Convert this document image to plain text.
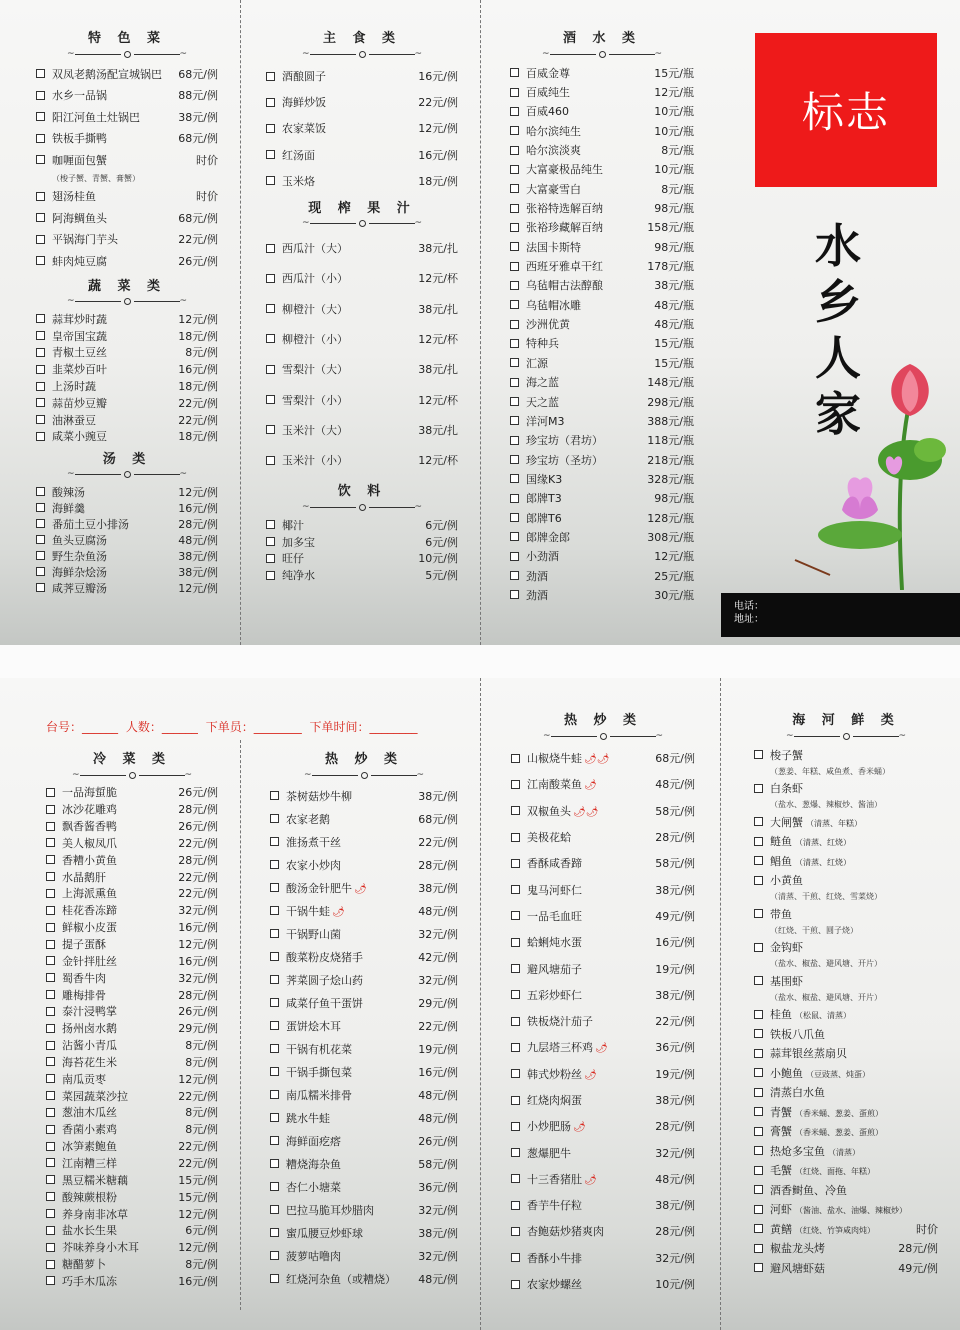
特 色 菜
~	~
双凤老鹅汤配宣城锅巴	68元/例
水乡一品锅	88元/例
阳江河鱼土灶锅巴	38元/例
铁板手撕鸭	68元/例
咖喱面包蟹	时价
（梭子蟹、青蟹、膏蟹）
翅汤桂鱼	时价
阿海鲷鱼头	68元/例
平锅海门芋头	22元/例
蚌肉炖豆腐	26元/例
蔬 菜 类
~	~
蒜茸炒时蔬	12元/例
皇帝国宝蔬	18元/例
青椒土豆丝	8元/例
韭菜炒百叶	16元/例
上汤时蔬	18元/例
蒜苗炒豆瓣	22元/例
油淋蚕豆	22元/例
咸菜小豌豆	18元/例
汤 类
~	~
酸辣汤	12元/例
海鲜羹	16元/例
番茄土豆小排汤	28元/例
鱼头豆腐汤	48元/例
野生杂鱼汤	38元/例
海鲜杂烩汤	38元/例
咸荠豆瓣汤	12元/例
主 食 类
~	~
酒酿圆子	16元/例
海鲜炒饭	22元/例
农家菜饭	12元/例
红汤面	16元/例
玉米烙	18元/例
现 榨 果 汁
~	~
西瓜汁（大）	38元/扎
西瓜汁（小）	12元/杯
柳橙汁（大）	38元/扎
柳橙汁（小）	12元/杯
雪梨汁（大）	38元/扎
雪梨汁（小）	12元/杯
玉米汁（大）	38元/扎
玉米汁（小）	12元/杯
饮 料
~	~
椰汁	6元/例
加多宝	6元/例
旺仔	10元/例
纯净水	5元/例
酒 水 类
~	~
百威金尊	15元/瓶
百威纯生	12元/瓶
百威460	10元/瓶
哈尔滨纯生	10元/瓶
哈尔滨淡爽	8元/瓶
大富豪极品纯生	10元/瓶
大富豪雪白	8元/瓶
张裕特选解百纳	98元/瓶
张裕珍藏解百纳	158元/瓶
法国卡斯特	98元/瓶
西班牙雅卓干红	178元/瓶
乌毡帽古法醇酿	38元/瓶
乌毡帽冰雕	48元/瓶
沙洲优黄	48元/瓶
特种兵	15元/瓶
汇源	15元/瓶
海之蓝	148元/瓶
天之蓝	298元/瓶
洋河M3	388元/瓶
珍宝坊（君坊）	118元/瓶
珍宝坊（圣坊）	218元/瓶
国缘K3	328元/瓶
郎牌T3	98元/瓶
郎牌T6	128元/瓶
郎牌金郎	308元/瓶
小劲酒	12元/瓶
劲酒	25元/瓶
劲酒	30元/瓶
标志
水乡人家
电话：
地址：
台号：______ 人数：______ 下单员：________ 下单时间：________
冷 菜 类
~	~
一品海蜇脆	26元/例
冰沙花雕鸡	28元/例
飘香酱香鸭	26元/例
美人椒凤爪	22元/例
香糟小黄鱼	28元/例
水晶鹅肝	22元/例
上海派熏鱼	22元/例
桂花香冻蹄	32元/例
鲜椒小皮蛋	16元/例
提子蛋酥	12元/例
金针拌肚丝	16元/例
蜀香牛肉	32元/例
雕梅排骨	28元/例
泰汁浸鸭掌	26元/例
扬州卤水鹅	29元/例
沾酱小青瓜	8元/例
海苔花生米	8元/例
南瓜贡枣	12元/例
菜园蔬菜沙拉	22元/例
葱油木瓜丝	8元/例
香菌小素鸡	8元/例
冰笋素鲍鱼	22元/例
江南糟三样	22元/例
黑豆糯米糖藕	15元/例
酸辣蕨根粉	15元/例
养身南非冰草	12元/例
盐水长生果	6元/例
芥味养身小木耳	12元/例
糖醋萝卜	8元/例
巧手木瓜冻	16元/例
热 炒 类
~	~
茶树菇炒牛柳	38元/例
农家老鹅	68元/例
淮扬煮干丝	22元/例
农家小炒肉	28元/例
酸汤金针肥牛 🌶	38元/例
干锅牛蛙 🌶	48元/例
干锅野山菌	32元/例
酸菜粉皮烧猪手	42元/例
荠菜圆子烩山药	32元/例
咸菜仔鱼干蛋饼	29元/例
蛋饼烩木耳	22元/例
干锅有机花菜	19元/例
干锅手撕包菜	16元/例
南瓜糯米排骨	48元/例
跳水牛蛙	48元/例
海鲜面疙瘩	26元/例
糟烧海杂鱼	58元/例
杏仁小塘菜	36元/例
巴拉马脆耳炒腊肉	32元/例
蜜瓜腰豆炒虾球	38元/例
菠萝咕噜肉	32元/例
红烧河杂鱼（或糟烧）	48元/例
热 炒 类
~	~
山椒烧牛蛙 🌶🌶	68元/例
江南酸菜鱼 🌶	48元/例
双椒鱼头 🌶🌶	58元/例
美极花蛤	28元/例
香酥咸香蹄	58元/例
鬼马河虾仁	38元/例
一品毛血旺	49元/例
蛤蜊炖水蛋	16元/例
避风塘茄子	19元/例
五彩炒虾仁	38元/例
铁板烧汁茄子	22元/例
九层塔三杯鸡 🌶	36元/例
韩式炒粉丝 🌶	19元/例
红烧肉焖蛋	38元/例
小炒肥肠 🌶	28元/例
葱爆肥牛	32元/例
十三香猪肚 🌶	48元/例
香芋牛仔粒	38元/例
杏鲍菇炒猪爽肉	28元/例
香酥小牛排	32元/例
农家炒螺丝	10元/例
海 河 鲜 类
~	~
梭子蟹
（葱姜、年糕、咸鱼煮、香米蛹）
白条虾
（盐水、葱爆、辣椒炒、酱油）
大闸蟹 （清蒸、年糕）
鲢鱼 （清蒸、红烧）
鲳鱼 （清蒸、红烧）
小黄鱼
（清蒸、干煎、红烧、雪菜烧）
带鱼
（红烧、干煎、圆子烧）
金钩虾
（盐水、椒盐、避风塘、开片）
基围虾
（盐水、椒盐、避风塘、开片）
桂鱼 （松鼠、清蒸）
铁板八爪鱼
蒜茸银丝蒸扇贝
小鲍鱼 （豆豉蒸、炖蛋）
清蒸白水鱼
青蟹 （香米蛹、葱姜、蛋煎）
膏蟹 （香米蛹、葱姜、蛋煎）
热炝多宝鱼 （清蒸）
毛蟹 （红烧、面拖、年糕）
酒香鲥鱼、冷鱼
河虾 （酱油、盐水、油爆、辣椒炒）
黄鳝 （红烧、竹笋咸肉炖）	时价
椒盐龙头烤	28元/例
避风塘虾菇	49元/例
